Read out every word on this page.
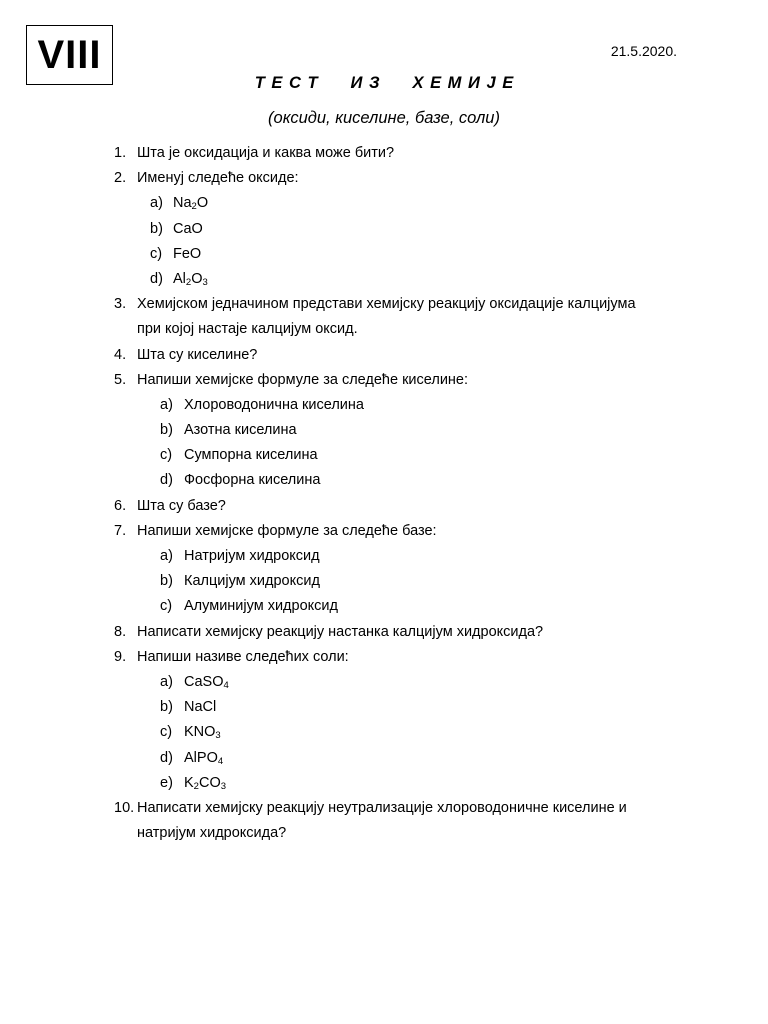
VIII	21.5.2020.
Т Е С Т     И З     Х Е М И Ј Е
(оксиди, киселине, базе, соли)
1. Шта је оксидација и каква може бити?
2. Именуј следеће оксиде:
a) $Na_2O$
b) CaO
c) FeO
d) $Al_2O_3$
3. Хемијском једначином представи хемијску реакцију оксидације калцијума
при којој настаје калцијум оксид.
4. Шта су киселине?
5. Напиши хемијске формуле за следеће киселине:
a) Хлороводонична киселина
b) Азотна киселина
c) Сумпорна киселина
d) Фосфорна киселина
6. Шта су базе?
7. Напиши хемијске формуле за следеће базе:
a) Натријум хидроксид
b) Калцијум хидроксид
c) Алуминијум хидроксид
8. Написати хемијску реакцију настанка калцијум хидроксида?
9. Напиши називе следећих соли:
a) CaSO$_4$
b) NaCl
c) $KNO_3$
d) AlPO$_4$
e) $K_2CO_3$
10. Написати хемијску реакцију неутрализације хлороводоничне киселине и
натријум хидроксида?
